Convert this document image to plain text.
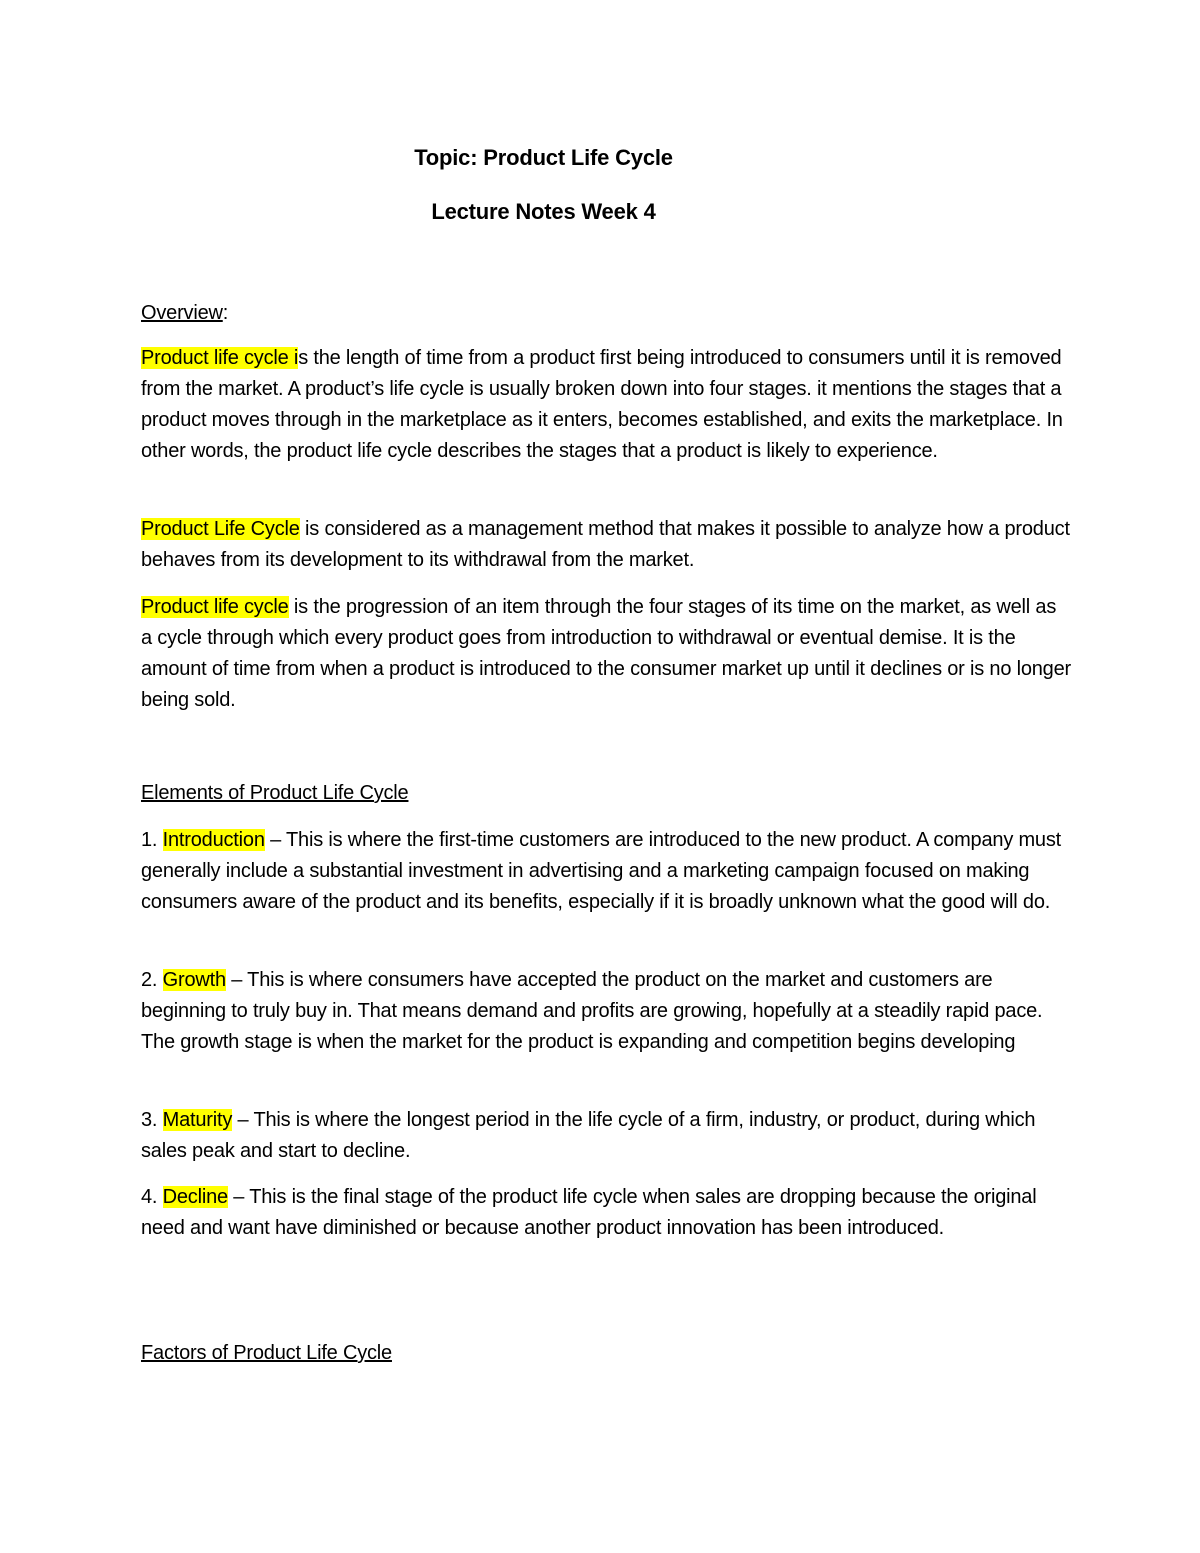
Topic: Product Life Cycle

Lecture Notes Week 4

Overview:

Product life cycle is the length of time from a product first being introduced to consumers until it is removed from the market. A product’s life cycle is usually broken down into four stages. it mentions the stages that a product moves through in the marketplace as it enters, becomes established, and exits the marketplace. In other words, the product life cycle describes the stages that a product is likely to experience.

Product Life Cycle is considered as a management method that makes it possible to analyze how a product behaves from its development to its withdrawal from the market.

Product life cycle is the progression of an item through the four stages of its time on the market, as well as a cycle through which every product goes from introduction to withdrawal or eventual demise. It is the amount of time from when a product is introduced to the consumer market up until it declines or is no longer being sold.

Elements of Product Life Cycle

1. Introduction – This is where the first-time customers are introduced to the new product. A company must generally include a substantial investment in advertising and a marketing campaign focused on making consumers aware of the product and its benefits, especially if it is broadly unknown what the good will do.

2. Growth – This is where consumers have accepted the product on the market and customers are beginning to truly buy in. That means demand and profits are growing, hopefully at a steadily rapid pace. The growth stage is when the market for the product is expanding and competition begins developing

3. Maturity – This is where the longest period in the life cycle of a firm, industry, or product, during which sales peak and start to decline.

4. Decline – This is the final stage of the product life cycle when sales are dropping because the original need and want have diminished or because another product innovation has been introduced.

Factors of Product Life Cycle
